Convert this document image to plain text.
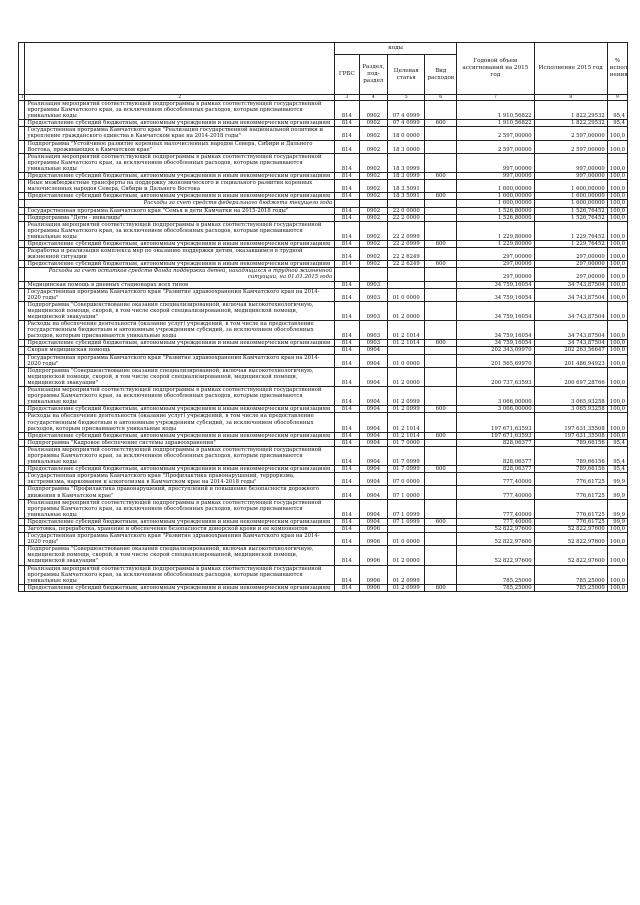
		коды				Годовой объем ассигнований на 2015 год	Исполнение 2015 год	% испол нения
		ГРБС	Раздел, под-раздел	Целевая статья	Вид расходов			
1	2	3	4	5	6	7	8	9
	Реализация мероприятий соответствующей подпрограммы в рамках соответствующей государственной программы Камчатского края, за исключением обособленных расходов, которым присваиваются уникальные коды	814	0902	07 4 0999		1 910,56822	1 822,29532	95,4
	Предоставление субсидий бюджетным, автономным учреждениям и иным некоммерческим организациям	814	0902	07 4 0999	600	1 910,56822	1 822,29532	95,4
	Государственная программа Камчатского края "Реализация государственной национальной политики и укрепление гражданского единства в Камчатском крае на 2014-2018 годы"	814	0902	18 0 0000		2 597,00000	2 597,00000	100,0
	Подпрограмма "Устойчивое развитие коренных малочисленных народов Севера, Сибири и Дальнего Востока, проживающих в Камчатском крае"	814	0902	18 3 0000		2 597,00000	2 597,00000	100,0
	Реализация мероприятий соответствующей подпрограммы в рамках соответствующей государственной программы Камчатского края, за исключением обособленных расходов, которым присваиваются уникальные коды	814	0902	18 3 0999		997,00000	997,00000	100,0
	Предоставление субсидий бюджетным, автономным учреждениям и иным некоммерческим организациям	814	0902	18 3 0999	600	997,00000	997,00000	100,0
	Иные межбюджетные трансферты на поддержку экономического и социального развития коренных малочисленных народов Севера, Сибири и Дальнего Востока	814	0902	18 3 5091		1 600,00000	1 600,00000	100,0
	Предоставление субсидий бюджетным, автономным учреждениям и иным некоммерческим организациям	814	0902	18 3 5091	600	1 600,00000	1 600,00000	100,0
	Расходы за счет средств федерального бюджета текущего года					1 600,00000	1 600,00000	100,0
	Государственная программа Камчатского края "Семья и дети Камчатки на 2015-2018 годы"	814	0902	22 0 0000		1 526,80000	1 526,76452	100,0
	Подпрограмма "Дети - инвалиды"	814	0902	22 2 0000		1 526,80000	1 526,76452	100,0
	Реализация мероприятий соответствующей подпрограммы в рамках соответствующей государственной программы Камчатского края, за исключением обособленных расходов, которым присваиваются уникальные коды	814	0902	22 2 0999		1 229,80000	1 229,76452	100,0
	Предоставление субсидий бюджетным, автономным учреждениям и иным некоммерческим организациям	814	0902	22 2 0999	600	1 229,80000	1 229,76452	100,0
	Разработка и реализация комплекса мер по оказанию поддержки детям, оказавшимся в трудной жизненной ситуации	814	0902	22 2 6249		297,00000	297,00000	100,0
	Предоставление субсидий бюджетным, автономным учреждениям и иным некоммерческим организациям	814	0902	22 2 6249	600	297,00000	297,00000	100,0
	Расходы за счет остатков средств Фонда поддержки детей, находящихся в трудной жизненной ситуации, на 01.01.2015 года					297,00000	297,00000	100,0
	Медицинская помощь в дневных стационарах всех типов	814	0903			34 759,16054	34 743,87504	100,0
	Государственная программа Камчатского края "Развитие здравоохранения Камчатского края на 2014-2020 годы"	814	0903	01 0 0000		34 759,16054	34 743,87504	100,0
	Подпрограмма "Совершенствование оказания специализированной, включая высокотехнологичную, медицинской помощи, скорой, в том числе скорой специализированной, медицинской помощи, медицинской эвакуации"	814	0903	01 2 0000		34 759,16054	34 743,87504	100,0
	Расходы на обеспечение деятельности (оказание услуг) учреждений, в том числе на предоставление государственным бюджетным и автономным учреждениям субсидий, за исключением обособленных расходов, которым присваиваются уникальные коды	814	0903	01 2 1014		34 759,16054	34 743,87504	100,0
	Предоставление субсидий бюджетным, автономным учреждениям и иным некоммерческим организациям	814	0903	01 2 1014	600	34 759,16054	34 743,87504	100,0
	Скорая медицинская помощь	814	0904			202 343,09970	202 263,56647	100,0
	Государственная программа Камчатского края "Развитие здравоохранения Камчатского края на 2014-2020 годы"	814	0904	01 0 0000		201 565,69970	201 486,94923	100,0
	Подпрограмма "Совершенствование оказания специализированной, включая высокотехнологичную, медицинской помощи, скорой, в том числе скорой специализированной, медицинской помощи, медицинской эвакуации"	814	0904	01 2 0000		200 737,63593	200 697,28766	100,0
	Реализация мероприятий соответствующей подпрограммы в рамках соответствующей государственной программы Камчатского края, за исключением обособленных расходов, которым присваиваются уникальные коды	814	0904	01 2 0999		3 066,00000	3 065,93258	100,0
	Предоставление субсидий бюджетным, автономным учреждениям и иным некоммерческим организациям	814	0904	01 2 0999	600	3 066,00000	3 065,93258	100,0
	Расходы на обеспечение деятельности (оказание услуг) учреждений, в том числе на предоставление государственным бюджетным и автономным учреждениям субсидий, за исключением обособленных расходов, которым присваиваются уникальные коды	814	0904	01 2 1014		197 671,63593	197 631,35508	100,0
	Предоставление субсидий бюджетным, автономным учреждениям и иным некоммерческим организациям	814	0904	01 2 1014	600	197 671,63593	197 631,35508	100,0
	Подпрограмма "Кадровое обеспечение системы здравоохранения"	814	0904	01 7 0000		828,06377	789,66156	95,4
	Реализация мероприятий соответствующей подпрограммы в рамках соответствующей государственной программы Камчатского края, за исключением обособленных расходов, которым присваиваются уникальные коды	814	0904	01 7 0999		828,06377	789,66156	95,4
	Предоставление субсидий бюджетным, автономным учреждениям и иным некоммерческим организациям	814	0904	01 7 0999	600	828,06377	789,66156	95,4
	Государственная программа Камчатского края "Профилактика правонарушений, терроризма, экстремизма, наркомании и алкоголизма в Камчатском крае на 2014-2018 годы"	814	0904	07 0 0000		777,40000	776,61725	99,9
	Подпрограмма "Профилактика правонарушений, преступлений и повышение безопасности дорожного движения в Камчатском крае"	814	0904	07 1 0000		777,40000	776,61725	99,9
	Реализация мероприятий соответствующей подпрограммы в рамках соответствующей государственной программы Камчатского края, за исключением обособленных расходов, которым присваиваются уникальные коды	814	0904	07 1 0999		777,40000	776,61725	99,9
	Предоставление субсидий бюджетным, автономным учреждениям и иным некоммерческим организациям	814	0904	07 1 0999	600	777,40000	776,61725	99,9
	Заготовка, переработка, хранение и обеспечение безопасности донорской крови и ее компонентов	814	0906			52 822,97600	52 822,97600	100,0
	Государственная программа Камчатского края "Развитие здравоохранения Камчатского края на 2014-2020 годы"	814	0906	01 0 0000		52 822,97600	52 822,97600	100,0
	Подпрограмма "Совершенствование оказания специализированной, включая высокотехнологичную, медицинской помощи, скорой, в том числе скорой специализированной, медицинской помощи, медицинской эвакуации"	814	0906	01 2 0000		52 822,97600	52 822,97600	100,0
	Реализация мероприятий соответствующей подпрограммы в рамках соответствующей государственной программы Камчатского края, за исключением обособленных расходов, которым присваиваются уникальные коды	814	0906	01 2 0999		785,25000	785,25000	100,0
	Предоставление субсидий бюджетным, автономным учреждениям и иным некоммерческим организациям	814	0906	01 2 0999	600	785,25000	785,25000	100,0
